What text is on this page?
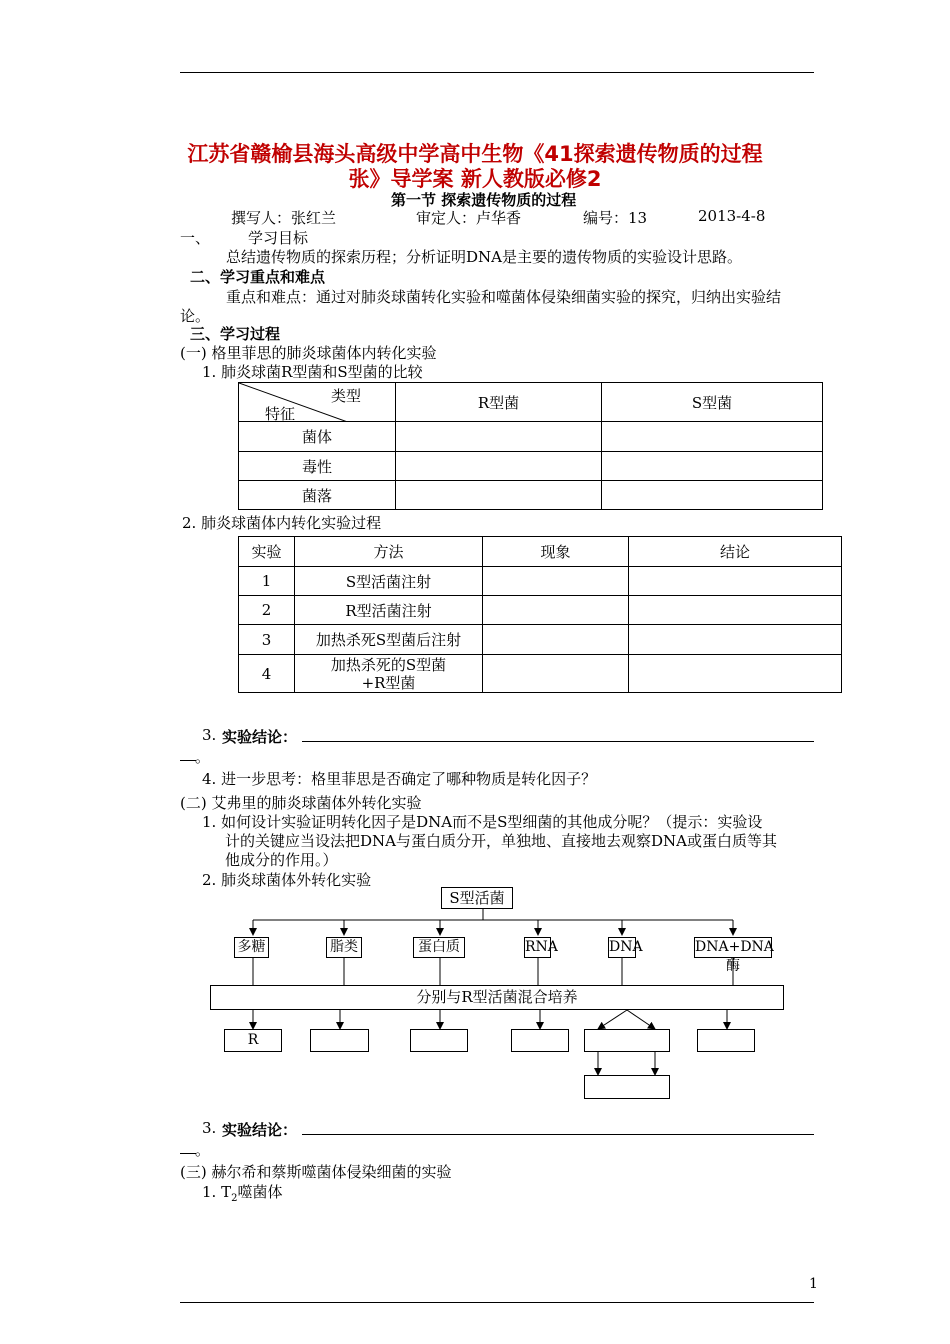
江苏省赣榆县海头高级中学高中生物《41探索遗传物质的过程
张》导学案 新人教版必修2
第一节 探索遗传物质的过程
撰写人：张红兰	审定人：卢华香	编号：13	2013-4-8
一、	学习目标
总结遗传物质的探索历程；分析证明DNA是主要的遗传物质的实验设计思路。
二、学习重点和难点
重点和难点：通过对肺炎球菌转化实验和噬菌体侵染细菌实验的探究，归纳出实验结
论。
三、学习过程
(一) 格里菲思的肺炎球菌体内转化实验
1. 肺炎球菌R型菌和S型菌的比较
类型
特征	R型菌	S型菌
菌体		
毒性		
菌落		
2. 肺炎球菌体内转化实验过程
实验	方法	现象	结论
1	S型活菌注射		
2	R型活菌注射		
3	加热杀死S型菌后注射		
4	加热杀死的S型菌
+R型菌		

3. 实验结论：
。
4. 进一步思考：格里菲思是否确定了哪种物质是转化因子？
(二) 艾弗里的肺炎球菌体外转化实验
1. 如何设计实验证明转化因子是DNA而不是S型细菌的其他成分呢？（提示：实验设
计的关键应当设法把DNA与蛋白质分开，单独地、直接地去观察DNA或蛋白质等其
他成分的作用。）
2. 肺炎球菌体外转化实验
S型活菌
多糖	脂类	蛋白质	RNA	DNA	DNA+DNA酶
分别与R型活菌混合培养
R
3. 实验结论：
。
(三) 赫尔希和蔡斯噬菌体侵染细菌的实验
1. $T_2$噬菌体
1
